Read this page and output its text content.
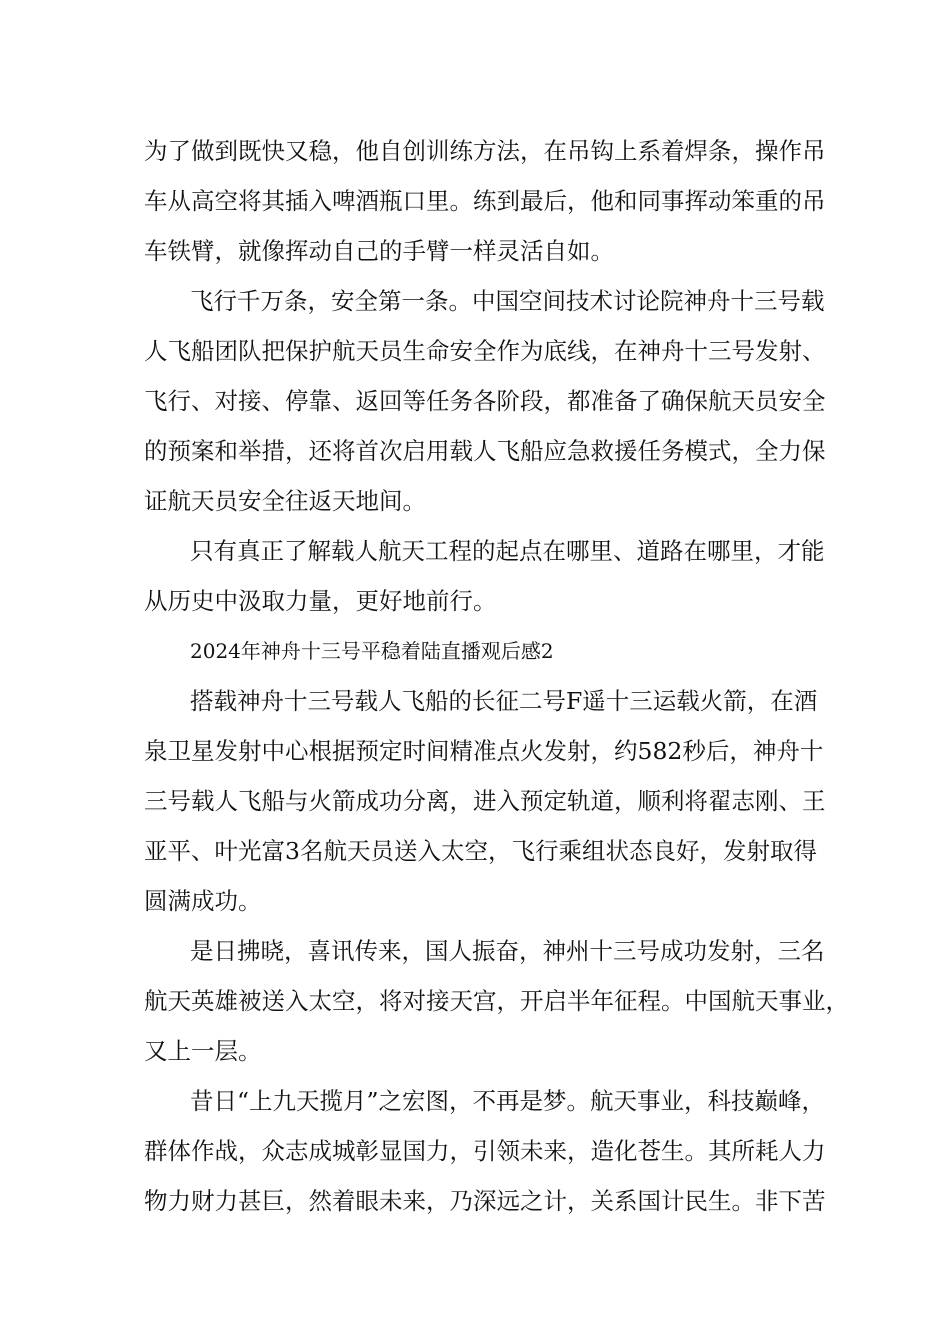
为了做到既快又稳，他自创训练方法，在吊钩上系着焊条，操作吊
车从高空将其插入啤酒瓶口里。练到最后，他和同事挥动笨重的吊
车铁臂，就像挥动自己的手臂一样灵活自如。
飞行千万条，安全第一条。中国空间技术讨论院神舟十三号载
人飞船团队把保护航天员生命安全作为底线，在神舟十三号发射、
飞行、对接、停靠、返回等任务各阶段，都准备了确保航天员安全
的预案和举措，还将首次启用载人飞船应急救援任务模式，全力保
证航天员安全往返天地间。
只有真正了解载人航天工程的起点在哪里、道路在哪里，才能
从历史中汲取力量，更好地前行。
2024年神舟十三号平稳着陆直播观后感2
搭载神舟十三号载人飞船的长征二号F遥十三运载火箭，在酒
泉卫星发射中心根据预定时间精准点火发射，约582秒后，神舟十
三号载人飞船与火箭成功分离，进入预定轨道，顺利将翟志刚、王
亚平、叶光富3名航天员送入太空，飞行乘组状态良好，发射取得
圆满成功。
是日拂晓，喜讯传来，国人振奋，神州十三号成功发射，三名
航天英雄被送入太空，将对接天宫，开启半年征程。中国航天事业，
又上一层。
昔日“上九天揽月”之宏图，不再是梦。航天事业，科技巅峰，
群体作战，众志成城彰显国力，引领未来，造化苍生。其所耗人力
物力财力甚巨，然着眼未来，乃深远之计，关系国计民生。非下苦
